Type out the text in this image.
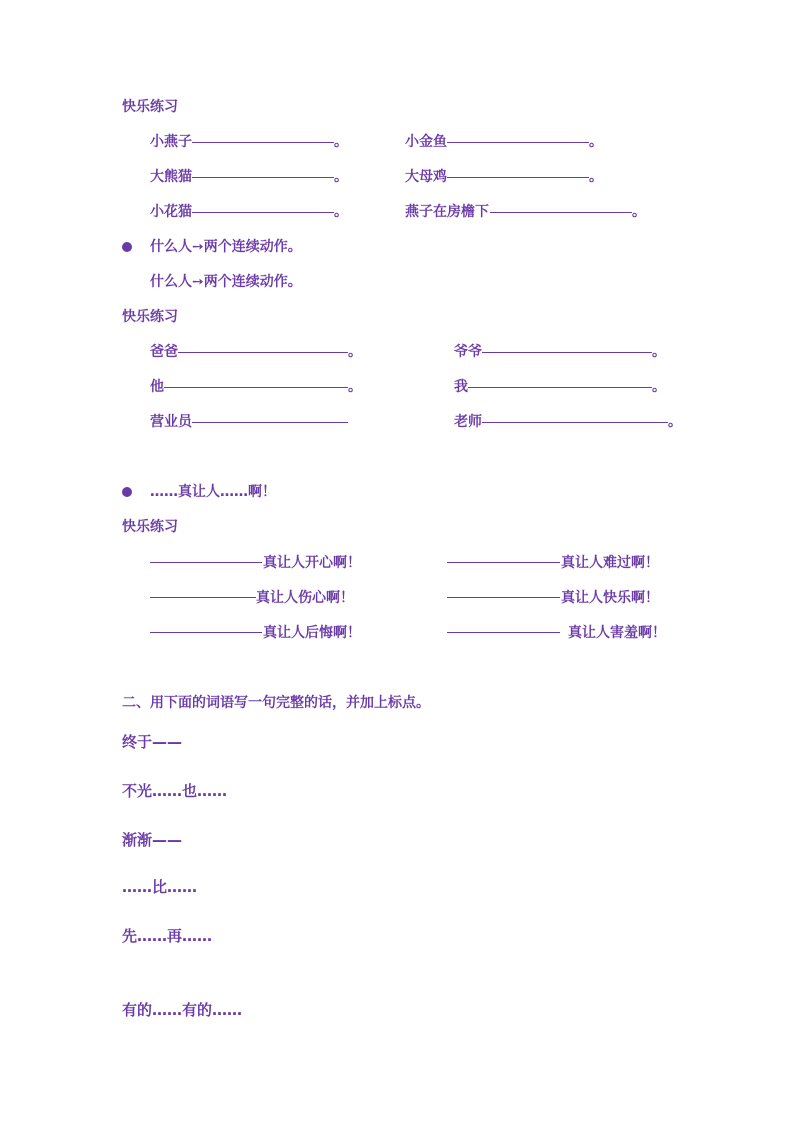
快乐练习
小燕子	。	小金鱼	。
大熊猫	。	大母鸡	。
小花猫	。	燕子在房檐下	。
什么人➙两个连续动作。
什么人➙两个连续动作。
快乐练习
爸爸	。	爷爷	。
他	。	我	。
营业员	老师	。
……真让人……啊！
快乐练习
真让人开心啊！	真让人难过啊！
真让人伤心啊！	真让人快乐啊！
真让人后悔啊！	真让人害羞啊！
二、用下面的词语写一句完整的话，并加上标点。
终于——
不光……也……
渐渐——
……比……
先……再……
有的……有的……
